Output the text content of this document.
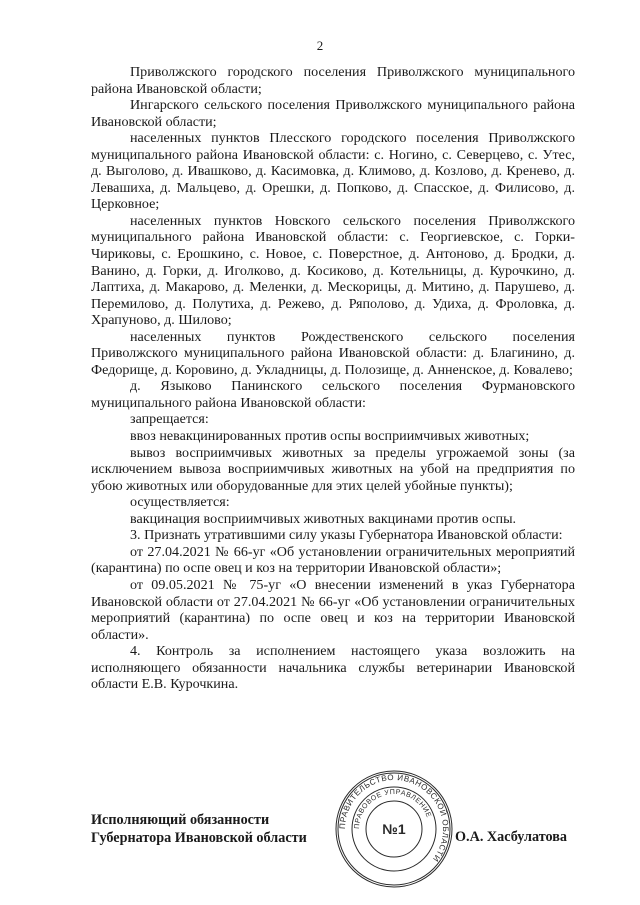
2

Приволжского городского поселения Приволжского муниципального района Ивановской области;

Ингарского сельского поселения Приволжского муниципального района Ивановской области;

населенных пунктов Плесского городского поселения Приволжского муниципального района Ивановской области: с. Ногино, с. Северцево, с. Утес, д. Выголово, д. Ивашково, д. Касимовка, д. Климово, д. Козлово, д. Кренево, д. Левашиха, д. Мальцево, д. Орешки, д. Попково, д. Спасское, д. Филисово, д. Церковное;

населенных пунктов Новского сельского поселения Приволжского муниципального района Ивановской области: с. Георгиевское, с. Горки-Чириковы, с. Ерошкино, с. Новое, с. Поверстное, д. Антоново, д. Бродки, д. Ванино, д. Горки, д. Иголково, д. Косиково, д. Котельницы, д. Курочкино, д. Лаптиха, д. Макарово, д. Меленки, д. Мескорицы, д. Митино, д. Парушево, д. Перемилово, д. Полутиха, д. Режево, д. Ряполово, д. Удиха, д. Фроловка, д. Храпуново, д. Шилово;

населенных пунктов Рождественского сельского поселения Приволжского муниципального района Ивановской области: д. Благинино, д. Федорище, д. Коровино, д. Укладницы, д. Полозище, д. Анненское, д. Ковалево;

д. Языково Панинского сельского поселения Фурмановского муниципального района Ивановской области:

запрещается:

ввоз невакцинированных против оспы восприимчивых животных;

вывоз восприимчивых животных за пределы угрожаемой зоны (за исключением вывоза восприимчивых животных на убой на предприятия по убою животных или оборудованные для этих целей убойные пункты);

осуществляется:

вакцинация восприимчивых животных вакцинами против оспы.

3. Признать утратившими силу указы Губернатора Ивановской области:

от 27.04.2021 № 66-уг «Об установлении ограничительных мероприятий (карантина) по оспе овец и коз на территории Ивановской области»;

от 09.05.2021 № 75-уг «О внесении изменений в указ Губернатора Ивановской области от 27.04.2021 № 66-уг «Об установлении ограничительных мероприятий (карантина) по оспе овец и коз на территории Ивановской области».

4. Контроль за исполнением настоящего указа возложить на исполняющего обязанности начальника службы ветеринарии Ивановской области Е.В. Курочкина.

Исполняющий обязанности
Губернатора Ивановской области	О.А. Хасбулатова
ПРАВИТЕЛЬСТВО ИВАНОВСКОЙ ОБЛАСТИ
ПРАВОВОЕ УПРАВЛЕНИЕ
№1
